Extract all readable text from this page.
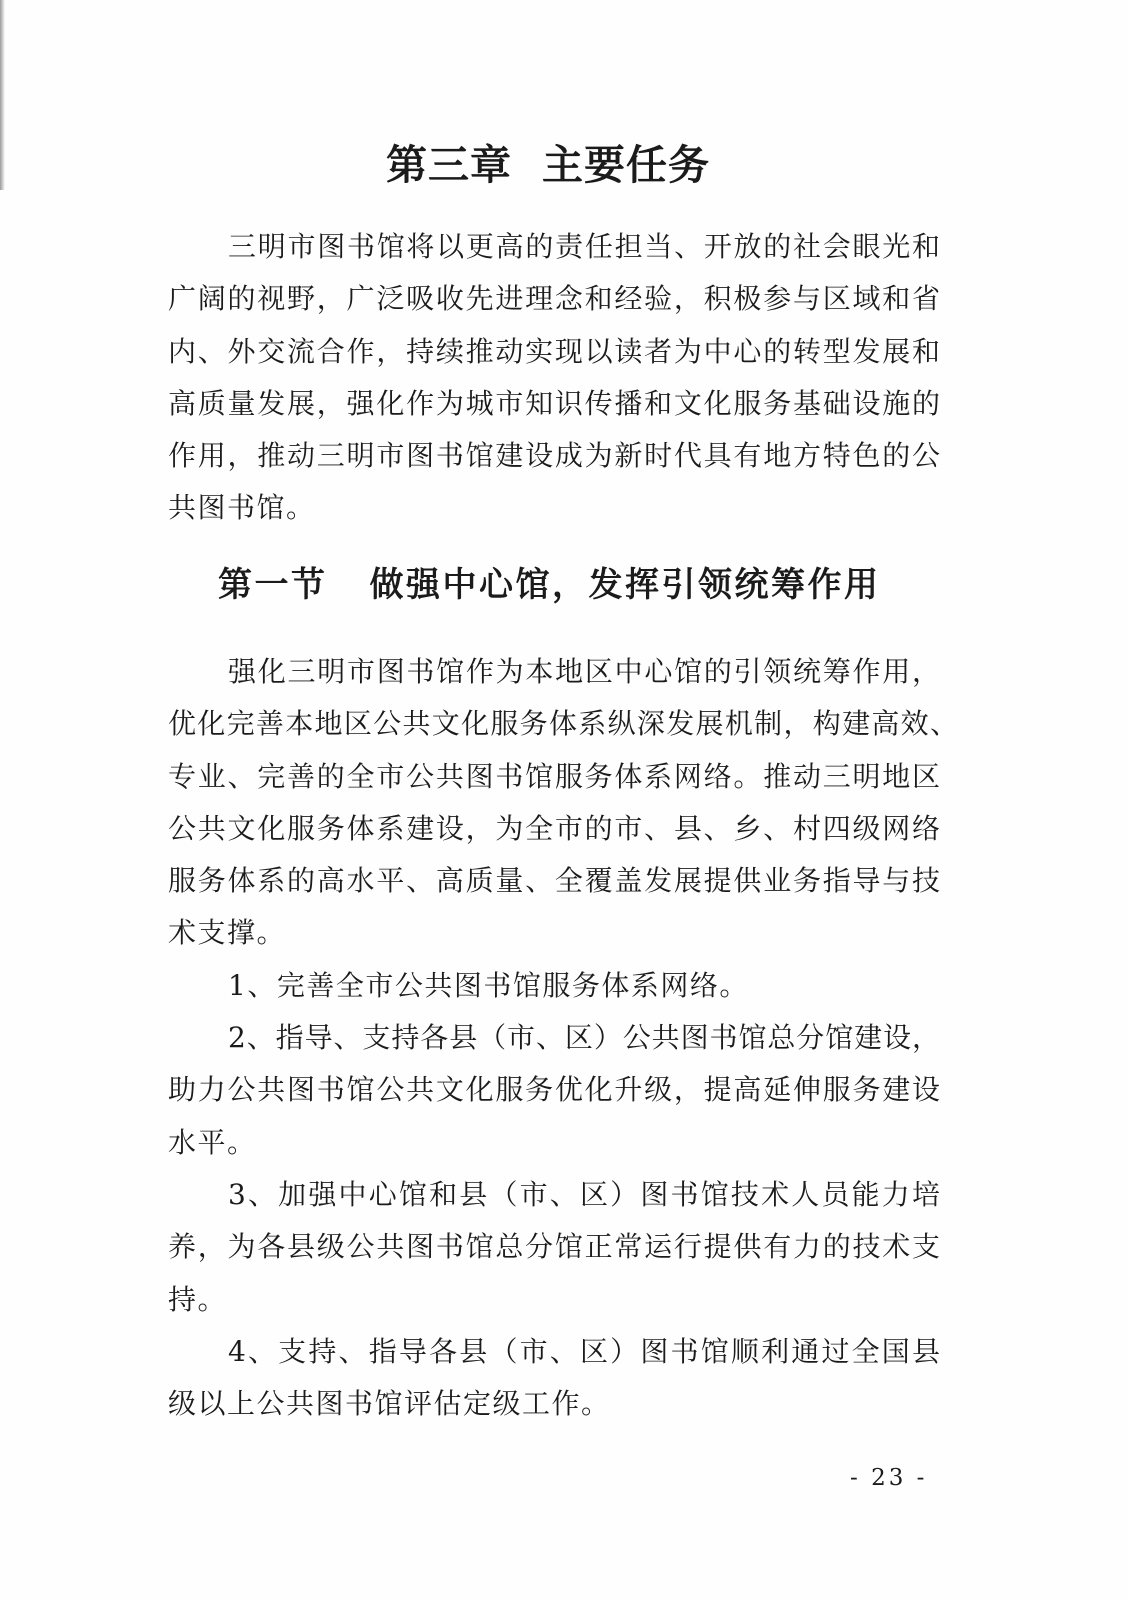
第三章 主要任务
三明市图书馆将以更高的责任担当、开放的社会眼光和
广阔的视野，广泛吸收先进理念和经验，积极参与区域和省
内、外交流合作，持续推动实现以读者为中心的转型发展和
高质量发展，强化作为城市知识传播和文化服务基础设施的
作用，推动三明市图书馆建设成为新时代具有地方特色的公
共图书馆。
第一节 做强中心馆，发挥引领统筹作用
强化三明市图书馆作为本地区中心馆的引领统筹作用，
优化完善本地区公共文化服务体系纵深发展机制，构建高效、
专业、完善的全市公共图书馆服务体系网络。推动三明地区
公共文化服务体系建设，为全市的市、县、乡、村四级网络
服务体系的高水平、高质量、全覆盖发展提供业务指导与技
术支撑。
1、完善全市公共图书馆服务体系网络。
2、指导、支持各县（市、区）公共图书馆总分馆建设，
助力公共图书馆公共文化服务优化升级，提高延伸服务建设
水平。
3、加强中心馆和县（市、区）图书馆技术人员能力培
养，为各县级公共图书馆总分馆正常运行提供有力的技术支
持。
4、支持、指导各县（市、区）图书馆顺利通过全国县
级以上公共图书馆评估定级工作。
- 23 -
